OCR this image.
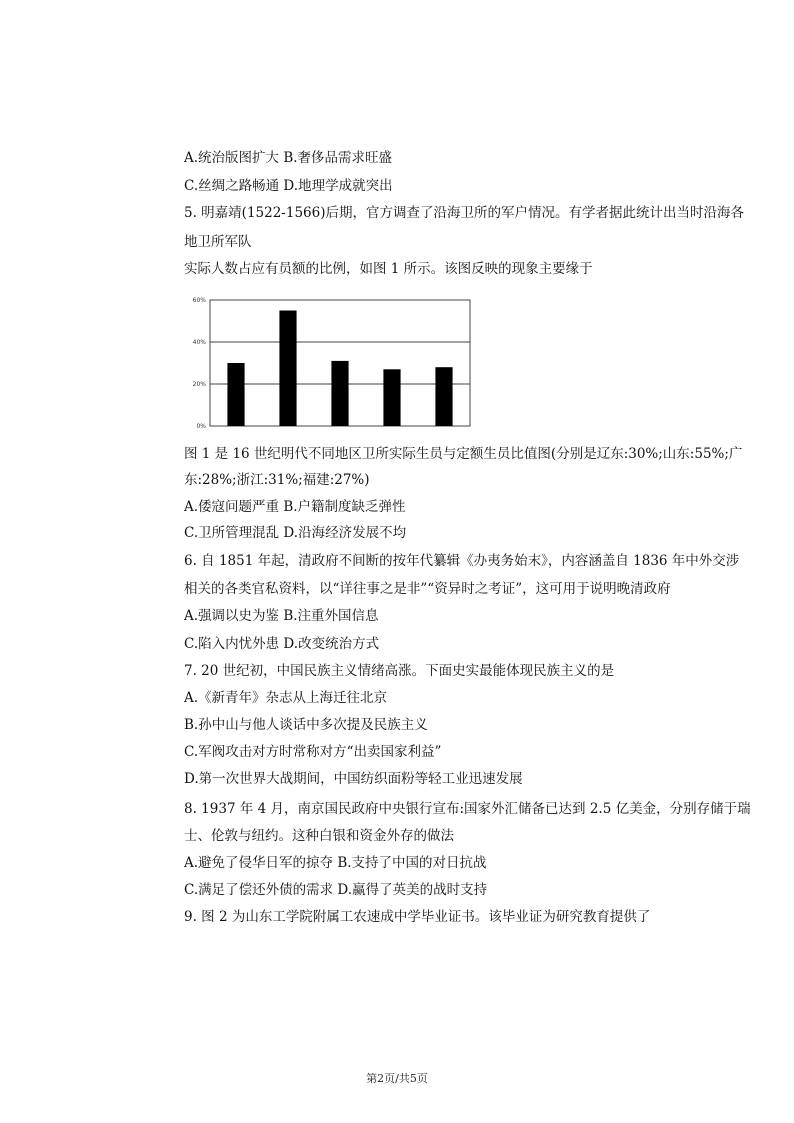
A.统治版图扩大 B.奢侈品需求旺盛
C.丝绸之路畅通 D.地理学成就突出
5. 明嘉靖(1522-1566)后期，官方调查了沿海卫所的军户情况。有学者据此统计出当时沿海各
地卫所军队
实际人数占应有员额的比例，如图 1 所示。该图反映的现象主要缘于
0%
20%
40%
60%
图 1 是 16 世纪明代不同地区卫所实际生员与定额生员比值图(分别是辽东:30%;山东:55%;广
东:28%;浙江:31%;福建:27%)
A.倭寇问题严重 B.户籍制度缺乏弹性
C.卫所管理混乱 D.沿海经济发展不均
6. 自 1851 年起，清政府不间断的按年代纂辑《办夷务始末》，内容涵盖自 1836 年中外交涉
相关的各类官私资料，以“详往事之是非”“资异时之考证”，这可用于说明晚清政府
A.强调以史为鉴 B.注重外国信息
C.陷入内忧外患 D.改变统治方式
7. 20 世纪初，中国民族主义情绪高涨。下面史实最能体现民族主义的是
A.《新青年》杂志从上海迁往北京
B.孙中山与他人谈话中多次提及民族主义
C.军阀攻击对方时常称对方“出卖国家利益”
D.第一次世界大战期间，中国纺织面粉等轻工业迅速发展
8. 1937 年 4 月，南京国民政府中央银行宣布:国家外汇储备已达到 2.5 亿美金，分别存储于瑞
士、伦敦与纽约。这种白银和资金外存的做法
A.避免了侵华日军的掠夺 B.支持了中国的对日抗战
C.满足了偿还外债的需求 D.赢得了英美的战时支持
9. 图 2 为山东工学院附属工农速成中学毕业证书。该毕业证为研究教育提供了
第2页/共5页
